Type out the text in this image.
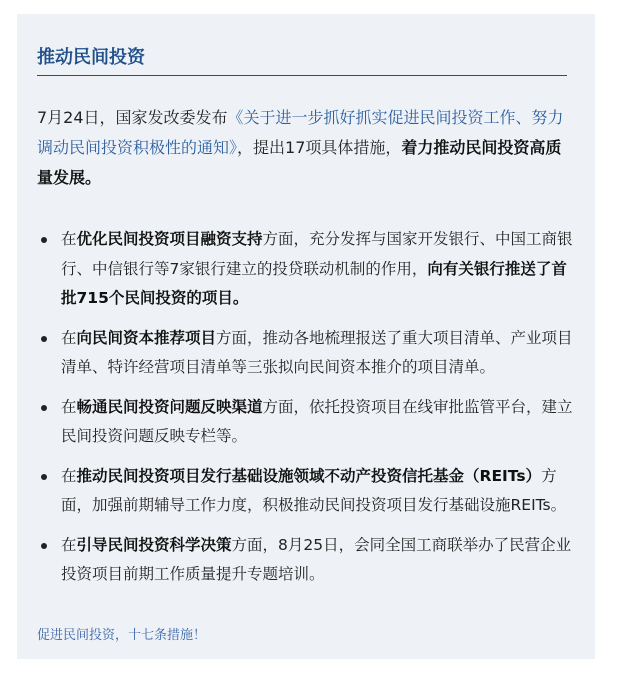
推动民间投资

7月24日，国家发改委发布《关于进一步抓好抓实促进民间投资工作、努力调动民间投资积极性的通知》，提出17项具体措施，着力推动民间投资高质量发展。

在优化民间投资项目融资支持方面，充分发挥与国家开发银行、中国工商银行、中信银行等7家银行建立的投贷联动机制的作用，向有关银行推送了首批715个民间投资的项目。
在向民间资本推荐项目方面，推动各地梳理报送了重大项目清单、产业项目清单、特许经营项目清单等三张拟向民间资本推介的项目清单。
在畅通民间投资问题反映渠道方面，依托投资项目在线审批监管平台，建立民间投资问题反映专栏等。
在推动民间投资项目发行基础设施领域不动产投资信托基金（REITs）方面，加强前期辅导工作力度，积极推动民间投资项目发行基础设施REITs。
在引导民间投资科学决策方面，8月25日，会同全国工商联举办了民营企业投资项目前期工作质量提升专题培训。

促进民间投资，十七条措施！
